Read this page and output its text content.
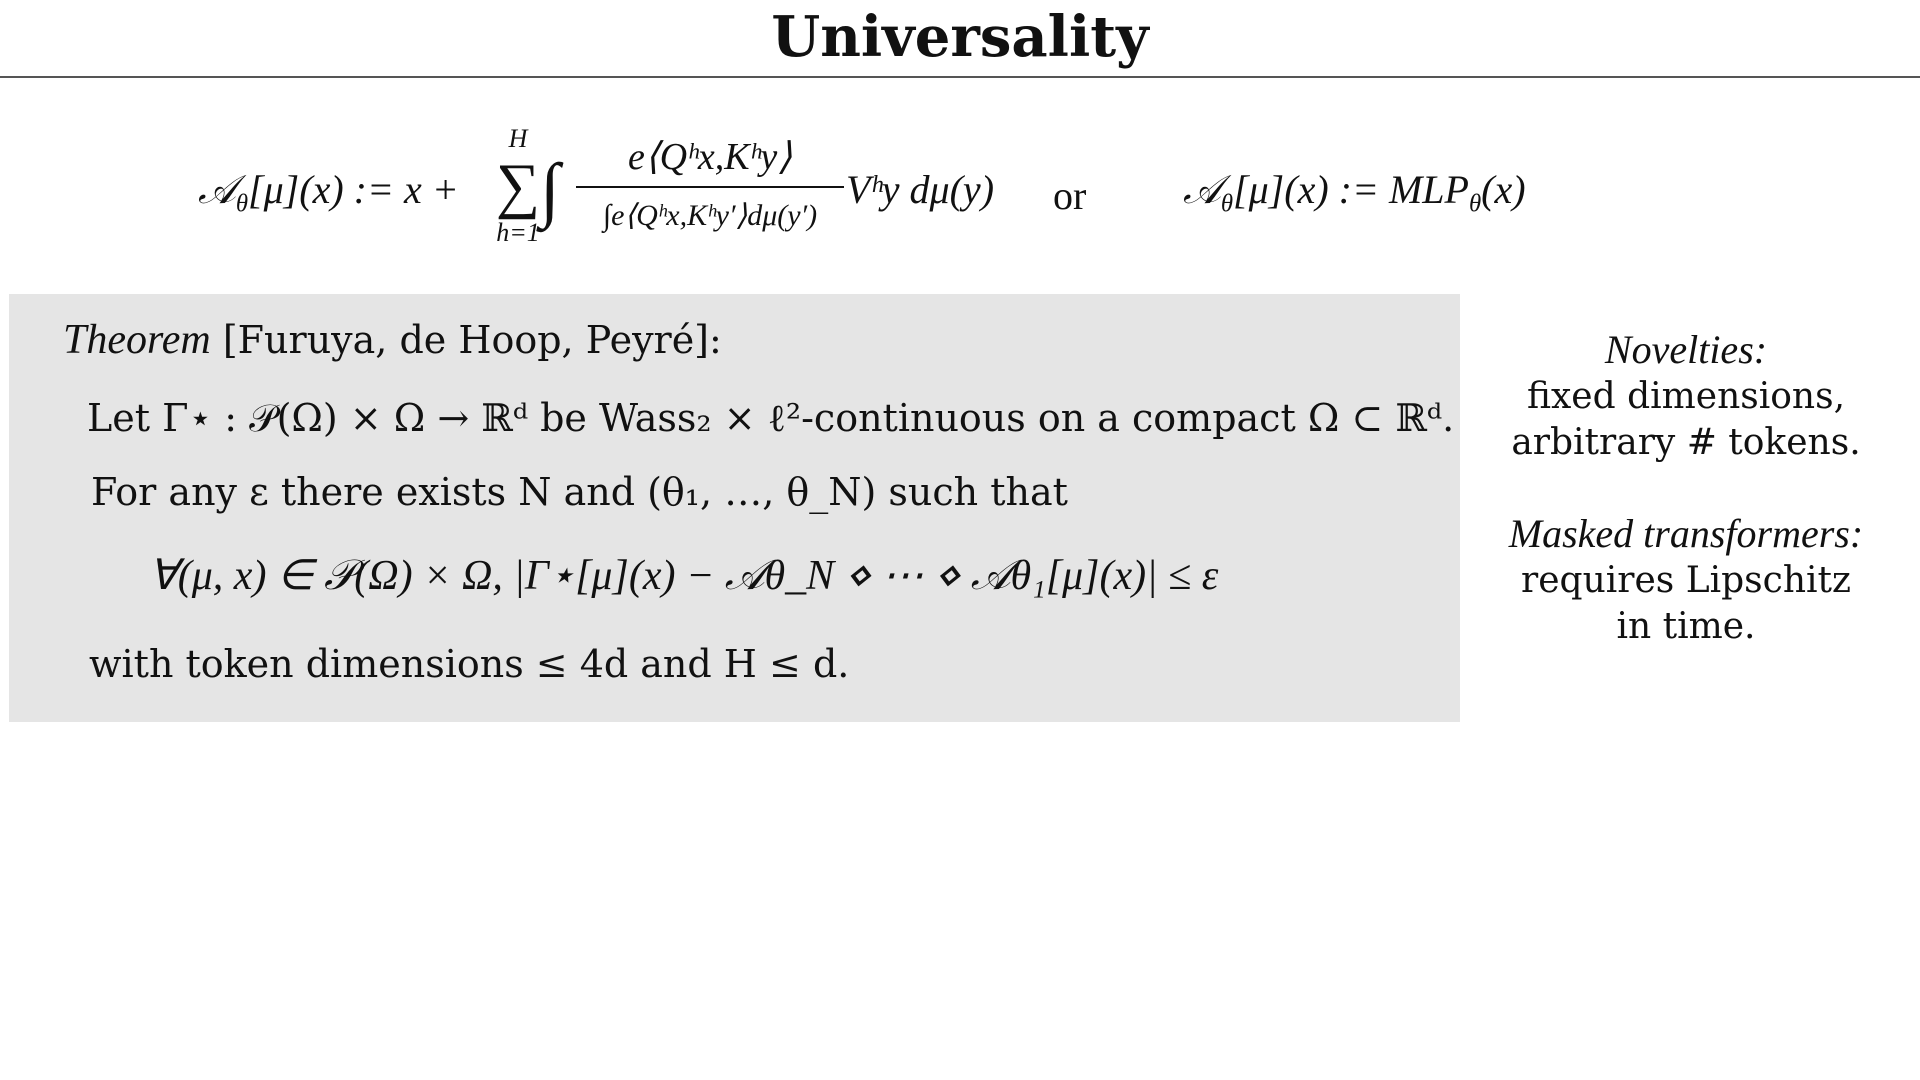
Universality
𝒜$_\theta$[μ](x) := x +
H
∑
h=1
∫	e⟨Qʰx,Kʰy⟩
∫e⟨Qʰx,Kʰy′⟩dμ(y′)
Vʰy dμ(y) or 𝒜$_\theta$[μ](x) := $MLP_\theta(x)$
Theorem [Furuya, de Hoop, Peyré]:
Let Γ⋆ : 𝒫(Ω) × Ω → ℝᵈ be Wass₂ × ℓ²-continuous on a compact Ω ⊂ ℝᵈ.
For any ε there exists N and (θ₁, …, θ_N) such that
∀(μ, x) ∈ 𝒫(Ω) × Ω, |Γ⋆[μ](x) − 𝒜θ_N ⋄ ⋯ ⋄ 𝒜θ₁[μ](x)| ≤ ε
with token dimensions ≤ 4d and H ≤ d.
Novelties:
fixed dimensions,
arbitrary # tokens.
Masked transformers:
requires Lipschitz
in time.
